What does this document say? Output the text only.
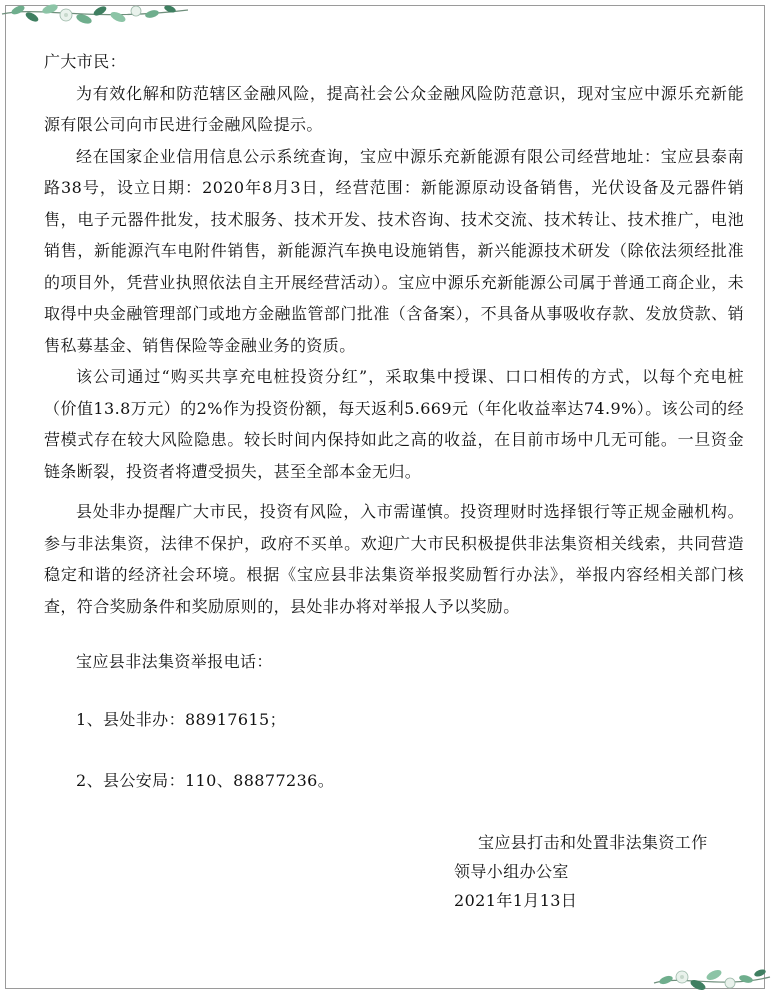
广大市民：

为有效化解和防范辖区金融风险，提高社会公众金融风险防范意识，现对宝应中源乐充新能源有限公司向市民进行金融风险提示。

经在国家企业信用信息公示系统查询，宝应中源乐充新能源有限公司经营地址：宝应县泰南路38号，设立日期：2020年8月3日，经营范围：新能源原动设备销售，光伏设备及元器件销售，电子元器件批发，技术服务、技术开发、技术咨询、技术交流、技术转让、技术推广，电池销售，新能源汽车电附件销售，新能源汽车换电设施销售，新兴能源技术研发（除依法须经批准的项目外，凭营业执照依法自主开展经营活动）。宝应中源乐充新能源公司属于普通工商企业，未取得中央金融管理部门或地方金融监管部门批准（含备案），不具备从事吸收存款、发放贷款、销售私募基金、销售保险等金融业务的资质。

该公司通过“购买共享充电桩投资分红”，采取集中授课、口口相传的方式，以每个充电桩（价值13.8万元）的2%作为投资份额，每天返利5.669元（年化收益率达74.9%）。该公司的经营模式存在较大风险隐患。较长时间内保持如此之高的收益，在目前市场中几无可能。一旦资金链条断裂，投资者将遭受损失，甚至全部本金无归。

县处非办提醒广大市民，投资有风险，入市需谨慎。投资理财时选择银行等正规金融机构。参与非法集资，法律不保护，政府不买单。欢迎广大市民积极提供非法集资相关线索，共同营造稳定和谐的经济社会环境。根据《宝应县非法集资举报奖励暂行办法》，举报内容经相关部门核查，符合奖励条件和奖励原则的，县处非办将对举报人予以奖励。

宝应县非法集资举报电话：

1、县处非办：88917615；

2、县公安局：110、88877236。

宝应县打击和处置非法集资工作
领导小组办公室
2021年1月13日
